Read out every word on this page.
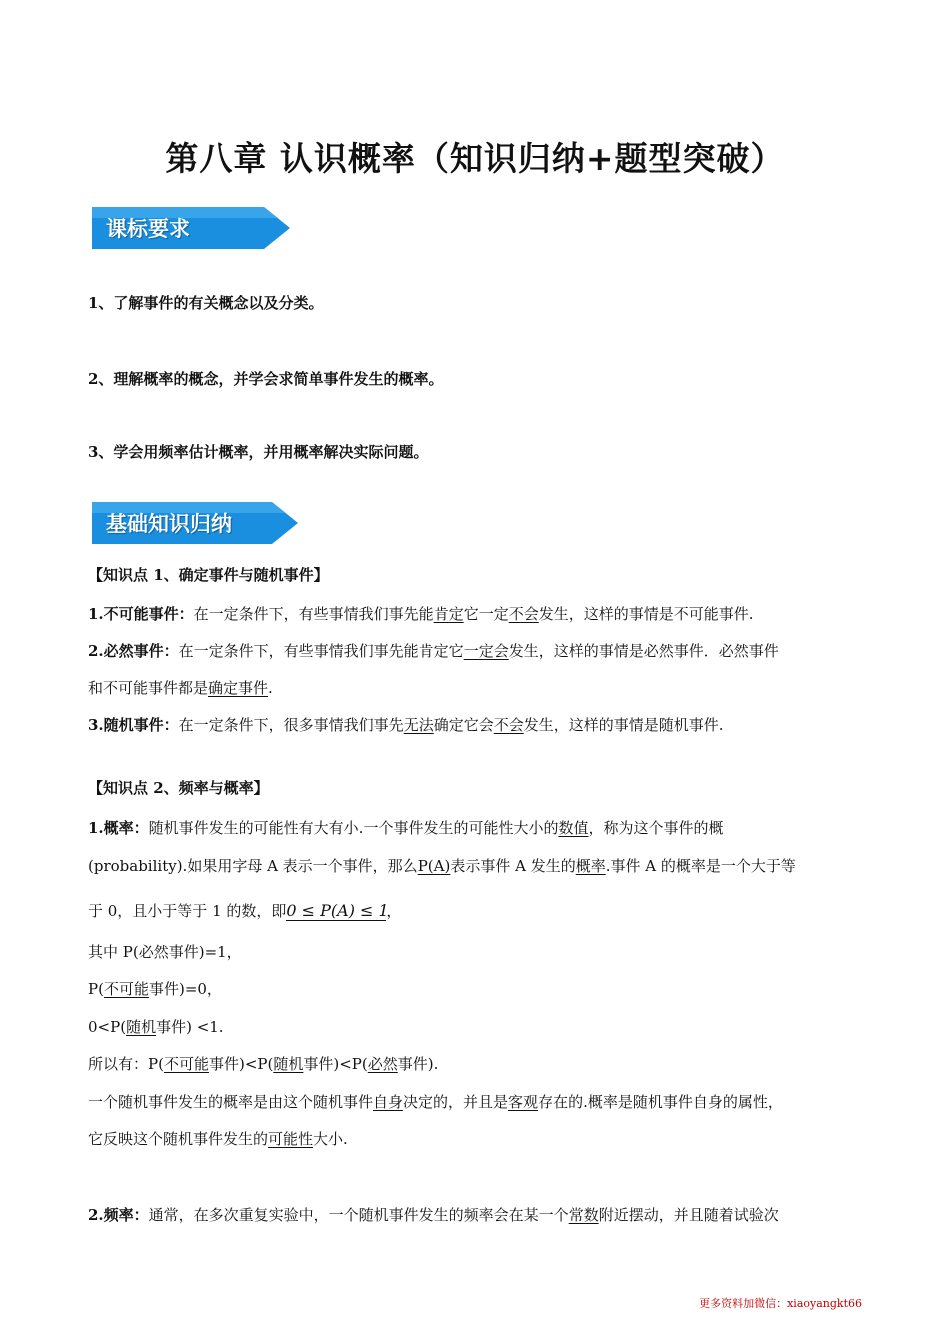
第八章 认识概率（知识归纳+题型突破）
课标要求
1、了解事件的有关概念以及分类。
2、理解概率的概念，并学会求简单事件发生的概率。
3、学会用频率估计概率，并用概率解决实际问题。
基础知识归纳
【知识点 1、确定事件与随机事件】
1.不可能事件：在一定条件下，有些事情我们事先能肯定它一定不会发生，这样的事情是不可能事件.
2.必然事件：在一定条件下，有些事情我们事先能肯定它一定会发生，这样的事情是必然事件．必然事件
和不可能事件都是确定事件.
3.随机事件：在一定条件下，很多事情我们事先无法确定它会不会发生，这样的事情是随机事件.
【知识点 2、频率与概率】
1.概率：随机事件发生的可能性有大有小.一个事件发生的可能性大小的数值，称为这个事件的概
(probability).如果用字母 A 表示一个事件，那么P(A)表示事件 A 发生的概率.事件 A 的概率是一个大于等
于 0，且小于等于 1 的数，即0 ≤ P(A) ≤ 1，
其中 P(必然事件)=1，
P(不可能事件)=0，
0<P(随机事件) <1.
所以有：P(不可能事件)<P(随机事件)<P(必然事件).
一个随机事件发生的概率是由这个随机事件自身决定的，并且是客观存在的.概率是随机事件自身的属性，
它反映这个随机事件发生的可能性大小.
2.频率：通常，在多次重复实验中，一个随机事件发生的频率会在某一个常数附近摆动，并且随着试验次
更多资料加微信：xiaoyangkt66
